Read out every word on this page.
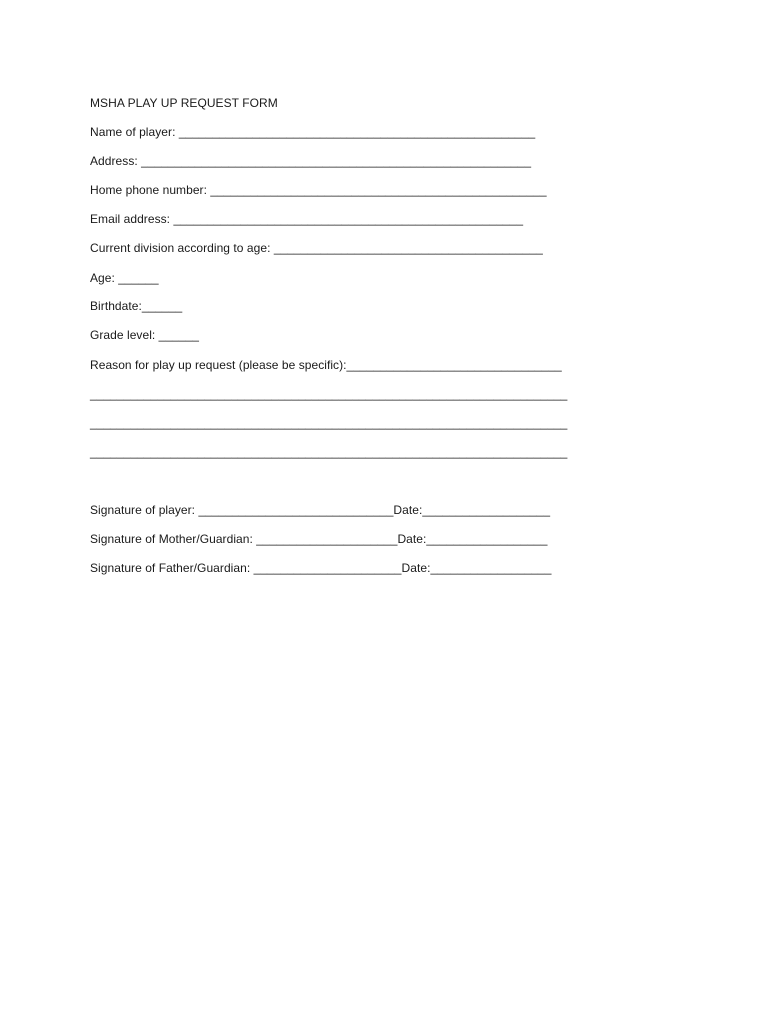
MSHA PLAY UP REQUEST FORM
Name of player: _____________________________________________________
Address: __________________________________________________________
Home phone number: __________________________________________________
Email address: ____________________________________________________
Current division according to age: ________________________________________
Age: ______
Birthdate:______
Grade level: ______
Reason for play up request (please be specific):________________________________
_______________________________________________________________________
_______________________________________________________________________
_______________________________________________________________________
Signature of player: _____________________________Date:___________________
Signature of Mother/Guardian: _____________________Date:__________________
Signature of Father/Guardian: ______________________Date:__________________
